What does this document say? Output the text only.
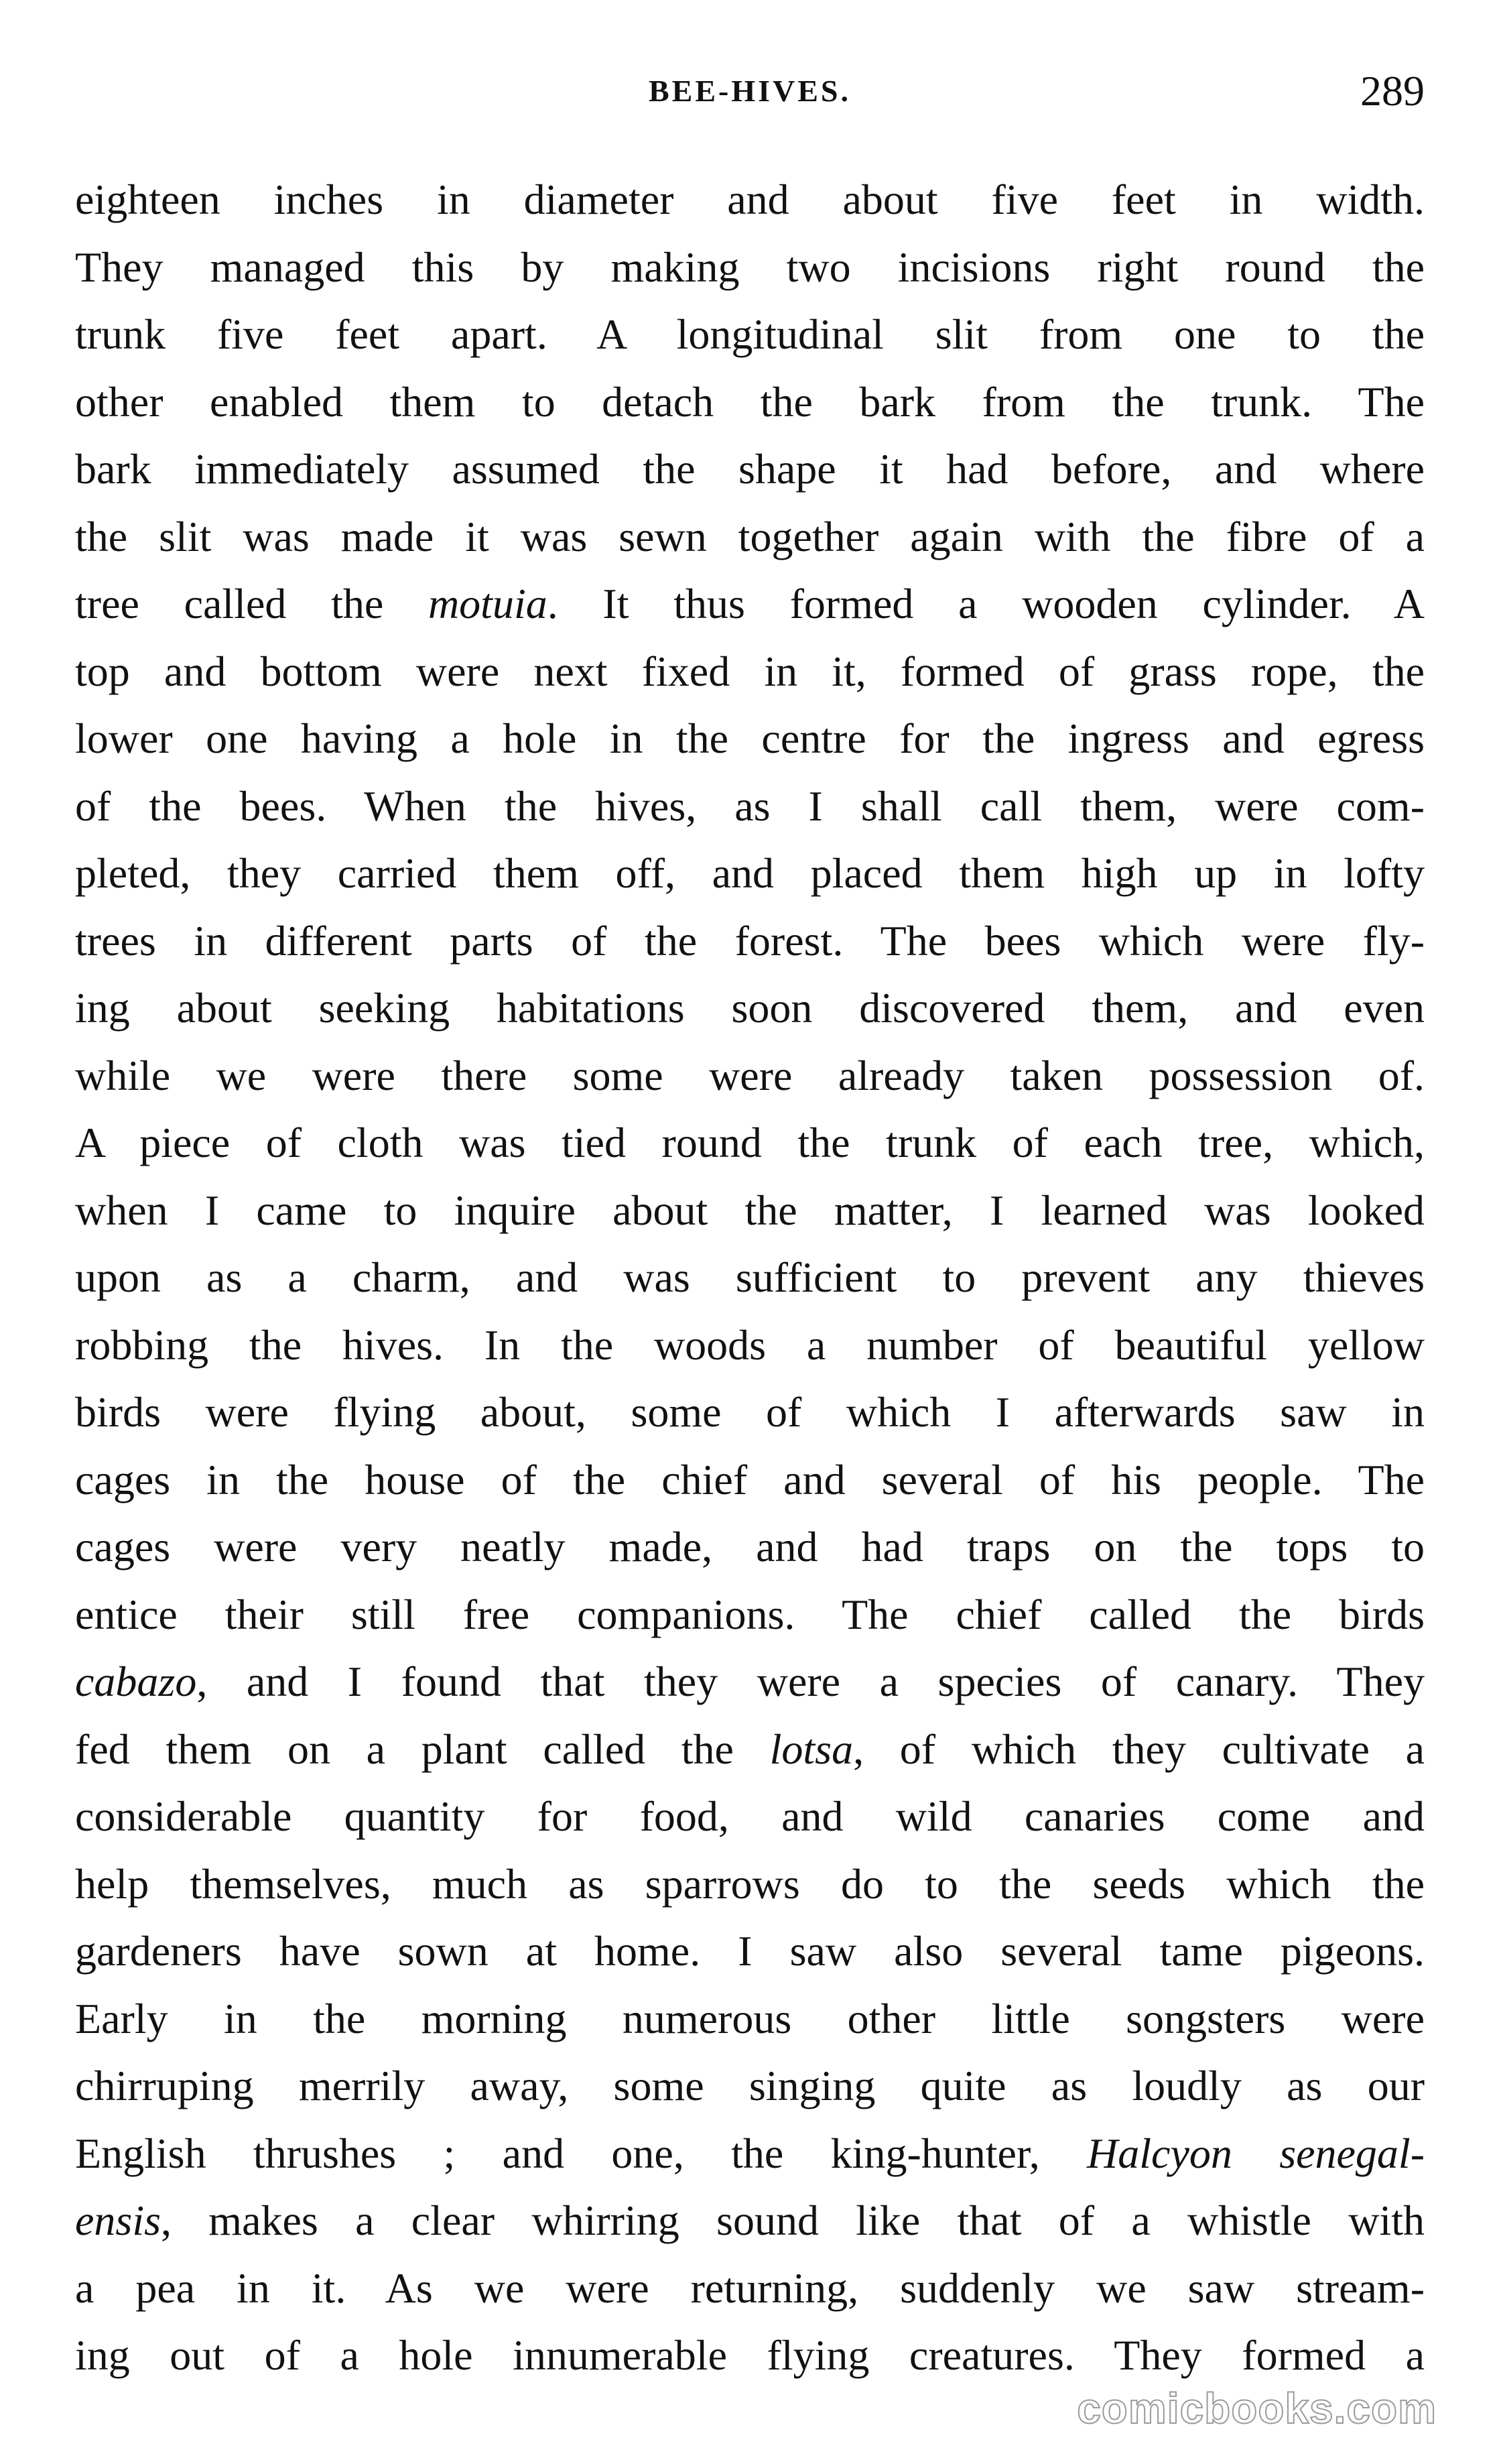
BEE-HIVES.	289
eighteen inches in diameter and about five feet in width.
They managed this by making two incisions right round the
trunk five feet apart. A longitudinal slit from one to the
other enabled them to detach the bark from the trunk. The
bark immediately assumed the shape it had before, and where
the slit was made it was sewn together again with the fibre of a
tree called the motuia. It thus formed a wooden cylinder. A
top and bottom were next fixed in it, formed of grass rope, the
lower one having a hole in the centre for the ingress and egress
of the bees. When the hives, as I shall call them, were com-
pleted, they carried them off, and placed them high up in lofty
trees in different parts of the forest. The bees which were fly-
ing about seeking habitations soon discovered them, and even
while we were there some were already taken possession of.
A piece of cloth was tied round the trunk of each tree, which,
when I came to inquire about the matter, I learned was looked
upon as a charm, and was sufficient to prevent any thieves
robbing the hives. In the woods a number of beautiful yellow
birds were flying about, some of which I afterwards saw in
cages in the house of the chief and several of his people. The
cages were very neatly made, and had traps on the tops to
entice their still free companions. The chief called the birds
cabazo, and I found that they were a species of canary. They
fed them on a plant called the lotsa, of which they cultivate a
considerable quantity for food, and wild canaries come and
help themselves, much as sparrows do to the seeds which the
gardeners have sown at home. I saw also several tame pigeons.
Early in the morning numerous other little songsters were
chirruping merrily away, some singing quite as loudly as our
English thrushes ; and one, the king-hunter, Halcyon senegal-
ensis, makes a clear whirring sound like that of a whistle with
a pea in it. As we were returning, suddenly we saw stream-
ing out of a hole innumerable flying creatures. They formed a
comicbooks.com
